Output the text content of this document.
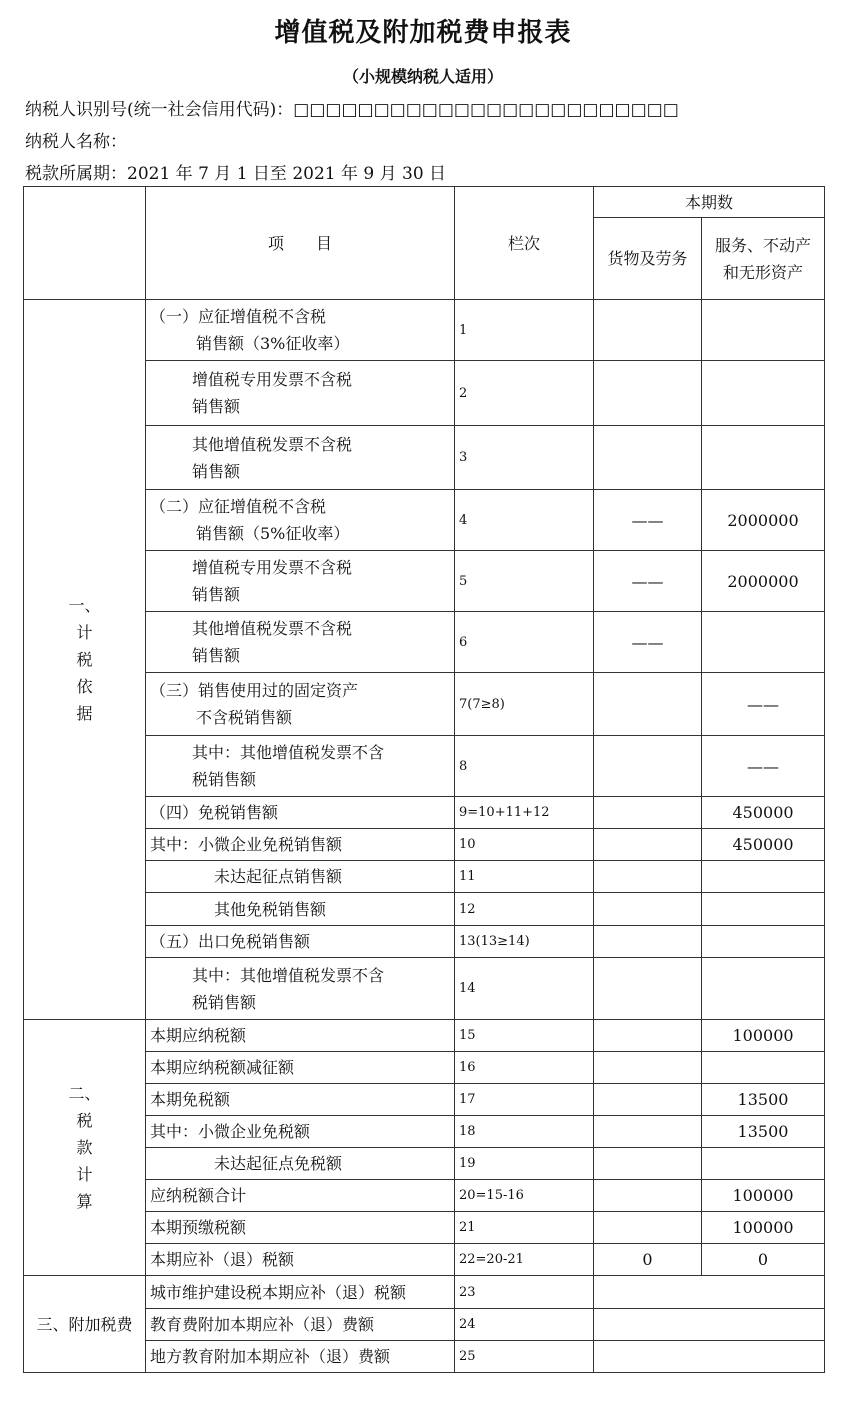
增值税及附加税费申报表
（小规模纳税人适用）
纳税人识别号(统一社会信用代码)：□□□□□□□□□□□□□□□□□□□□□□□□
纳税人名称：
税款所属期：2021 年 7 月 1 日至 2021 年 9 月 30 日
	项　　目	栏次	本期数	
			货物及劳务	服务、不动产
和无形资产

一、
计
税
依
据	（一）应征增值税不含税
销售额（3%征收率）	1		
	增值税专用发票不含税
销售额	2		
	其他增值税发票不含税
销售额	3		
	（二）应征增值税不含税
销售额（5%征收率）	4	——	2000000
	增值税专用发票不含税
销售额	5	——	2000000
	其他增值税发票不含税
销售额	6	——	
	（三）销售使用过的固定资产
不含税销售额	7(7≥8)		——
	其中：其他增值税发票不含
税销售额	8		——
	（四）免税销售额	9=10+11+12		450000
	其中：小微企业免税销售额	10		450000
	未达起征点销售额	11		
	其他免税销售额	12		
	（五）出口免税销售额	13(13≥14)		
	其中：其他增值税发票不含
税销售额	14		

二、
税
款
计
算	本期应纳税额	15		100000
	本期应纳税额减征额	16		
	本期免税额	17		13500
	其中：小微企业免税额	18		13500
	未达起征点免税额	19		
	应纳税额合计	20=15-16		100000
	本期预缴税额	21		100000
	本期应补（退）税额	22=20-21	0	0
三、附加税费	城市维护建设税本期应补（退）税额	23		
	教育费附加本期应补（退）费额	24		
	地方教育附加本期应补（退）费额	25		
